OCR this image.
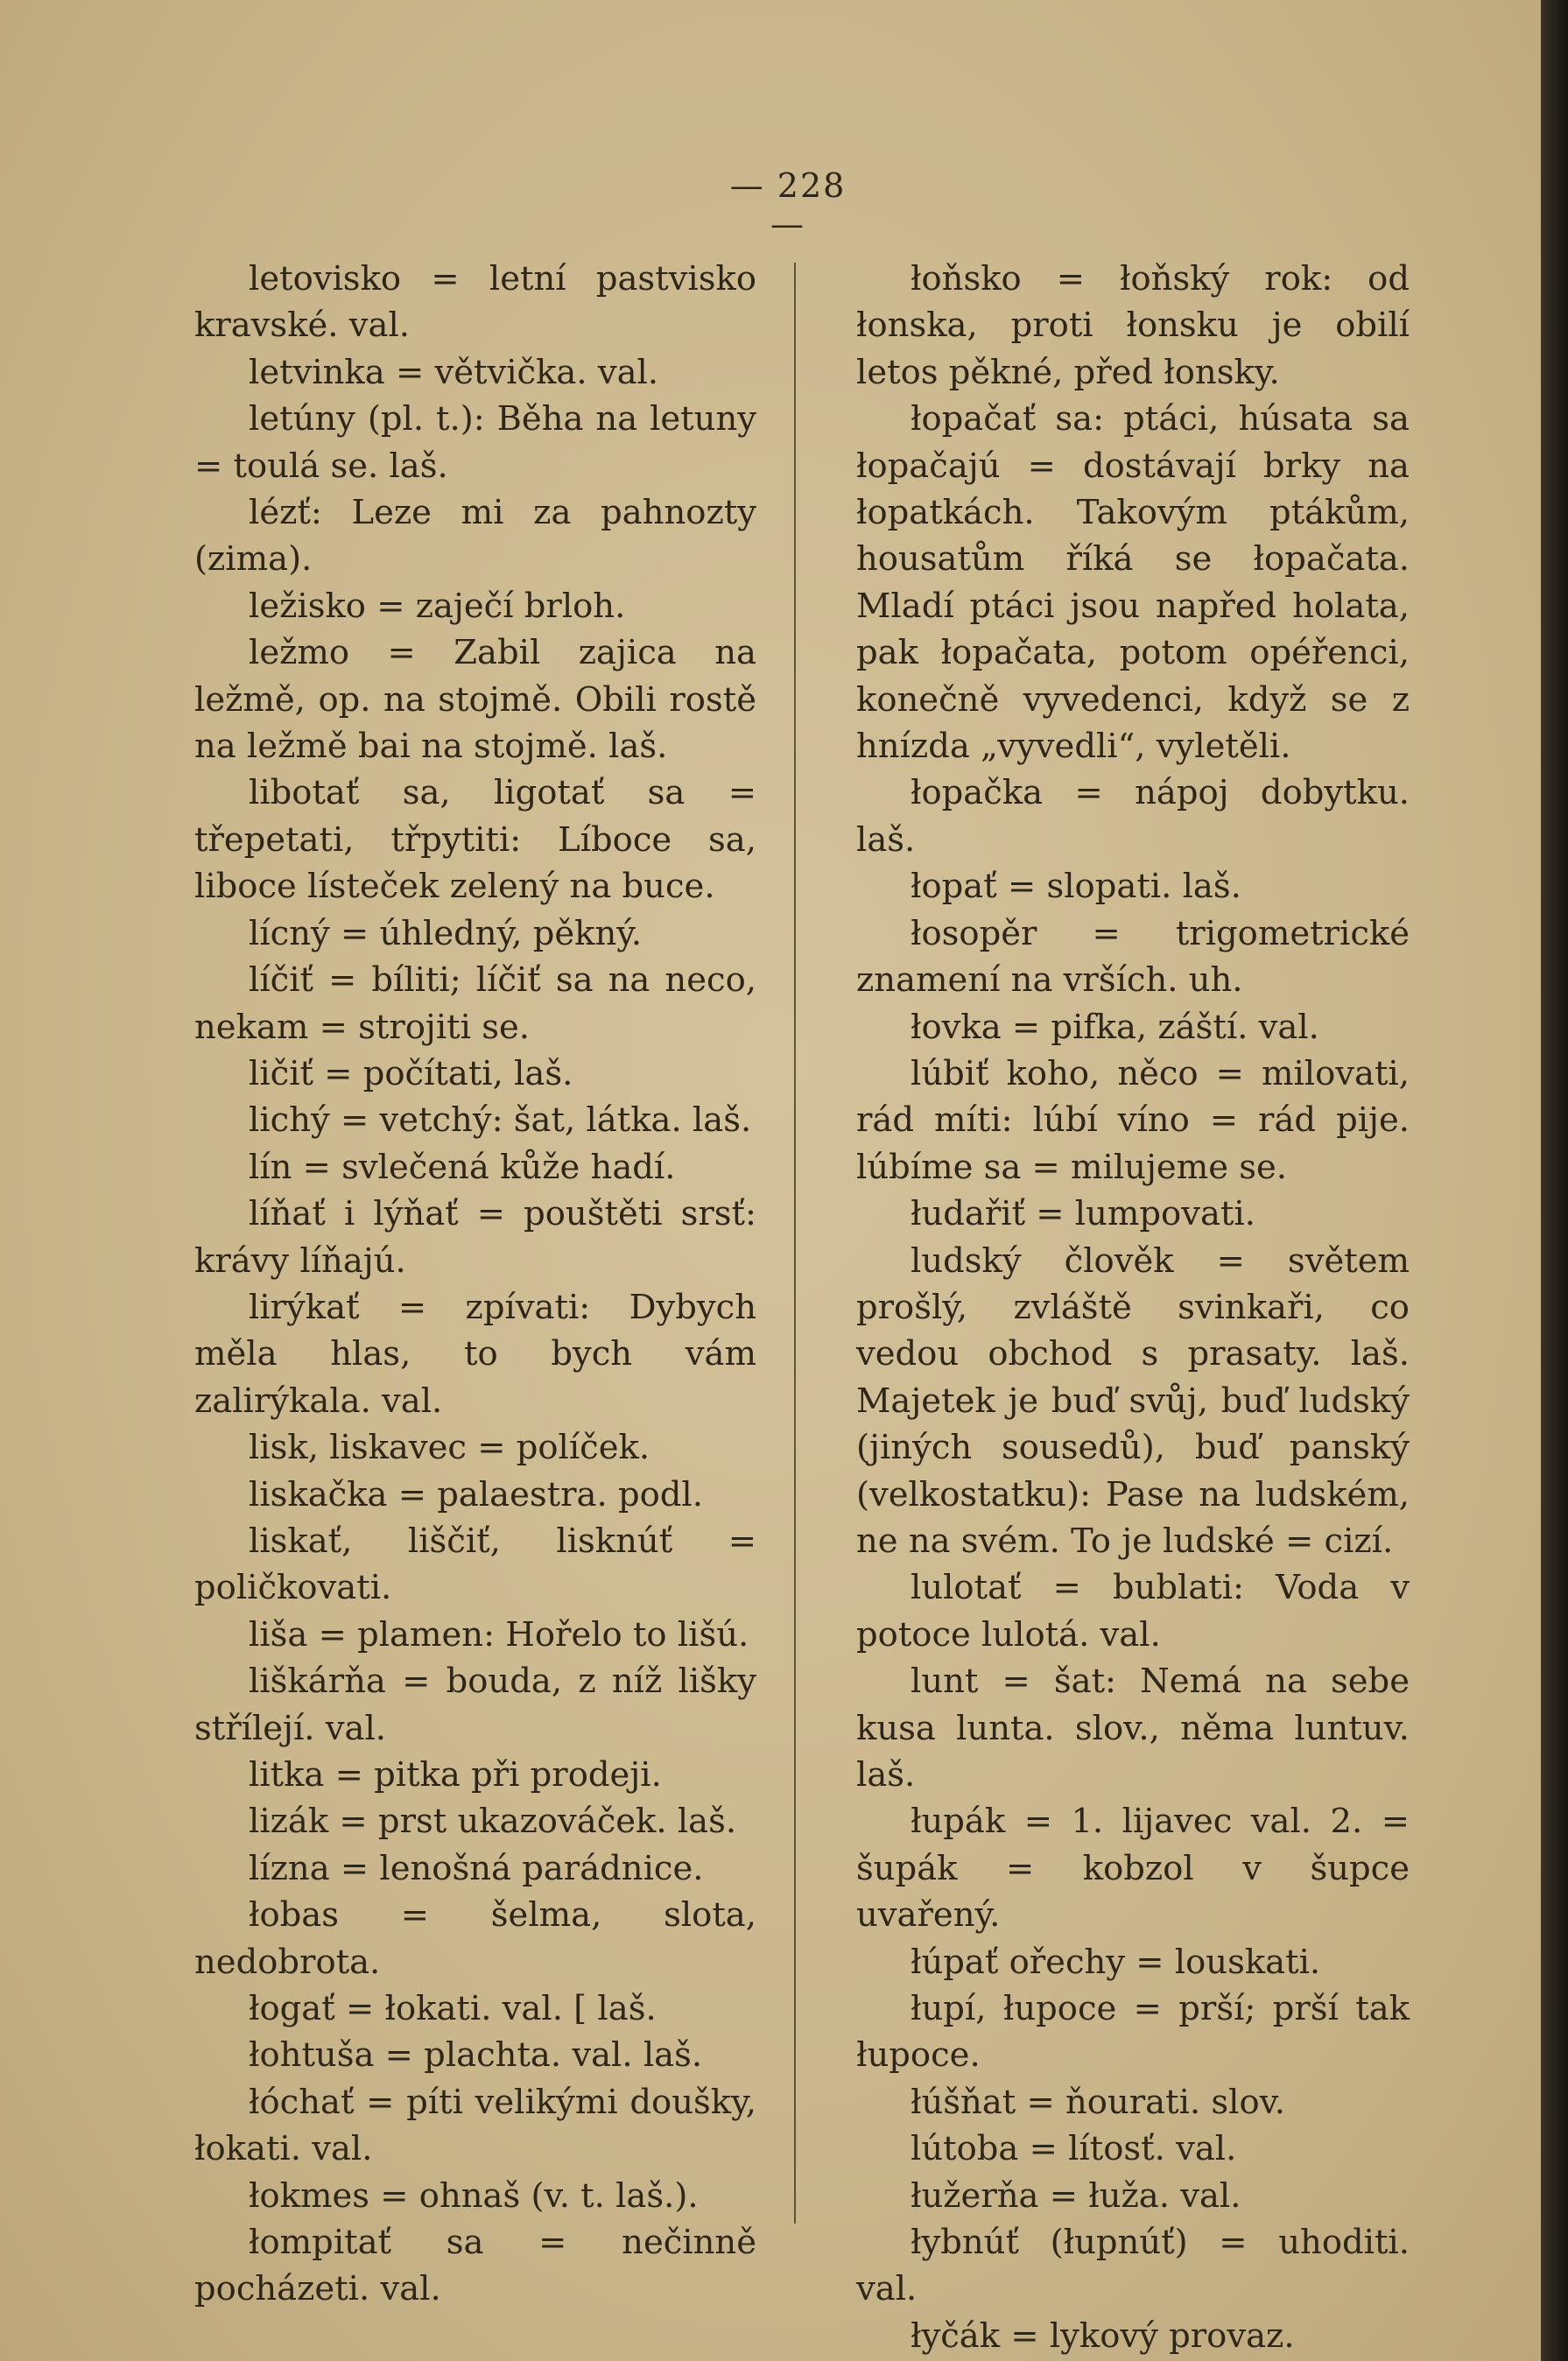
— 228 —

letovisko = letní pastvisko kravské. val.

letvinka = větvička. val.

letúny (pl. t.): Běha na letuny = toulá se. laš.

lézť: Leze mi za pahnozty (zima).

ležisko = zaječí brloh.

ležmo = Zabil zajica na ležmě, op. na stojmě. Obili rostě na ležmě bai na stojmě. laš.

libotať sa, ligotať sa = třepetati, třpytiti: Líboce sa, liboce lísteček zelený na buce.

lícný = úhledný, pěkný.

líčiť = bíliti; líčiť sa na neco, nekam = strojiti se.

ličiť = počítati, laš.

lichý = vetchý: šat, látka. laš.

lín = svlečená kůže hadí.

líňať i lýňať = pouštěti srsť: krávy líňajú.

lirýkať = zpívati: Dybych měla hlas, to bych vám zalirýkala. val.

lisk, liskavec = políček.

liskačka = palaestra. podl.

liskať, liščiť, lisknúť = poličkovati.

liša = plamen: Hořelo to lišú.

liškárňa = bouda, z níž lišky střílejí. val.

litka = pitka při prodeji.

lizák = prst ukazováček. laš.

lízna = lenošná parádnice.

łobas = šelma, slota, nedobrota.

łogať = łokati. val. [ laš.

łohtuša = plachta. val. laš.

łóchať = píti velikými doušky, łokati. val.

łokmes = ohnaš (v. t. laš.).

łompitať sa = nečinně pocházeti. val.

łoňsko = łoňský rok: od łonska, proti łonsku je obilí letos pěkné, před łonsky.

łopačať sa: ptáci, húsata sa łopačajú = dostávají brky na łopatkách. Takovým ptákům, housatům říká se łopačata. Mladí ptáci jsou napřed holata, pak łopačata, potom opéřenci, konečně vyvedenci, když se z hnízda „vyvedli“, vyletěli.

łopačka = nápoj dobytku. laš.

łopať = slopati. laš.

łosopěr = trigometrické znamení na vrších. uh.

łovka = pifka, záští. val.

lúbiť koho, něco = milovati, rád míti: lúbí víno = rád pije. lúbíme sa = milujeme se.

łudařiť = lumpovati.

ludský člověk = světem prošlý, zvláště svinkaři, co vedou obchod s prasaty. laš. Majetek je buď svůj, buď ludský (jiných sousedů), buď panský (velkostatku): Pase na ludském, ne na svém. To je ludské = cizí.

lulotať = bublati: Voda v potoce lulotá. val.

lunt = šat: Nemá na sebe kusa lunta. slov., něma luntuv. laš.

łupák = 1. lijavec val. 2. = šupák = kobzol v šupce uvařený.

łúpať ořechy = louskati.

łupí, łupoce = prší; prší tak łupoce.

łúšňat = ňourati. slov.

lútoba = lítosť. val.

łužerňa = łuža. val.

łybnúť (łupnúť) = uhoditi. val.

łyčák = lykový provaz.
